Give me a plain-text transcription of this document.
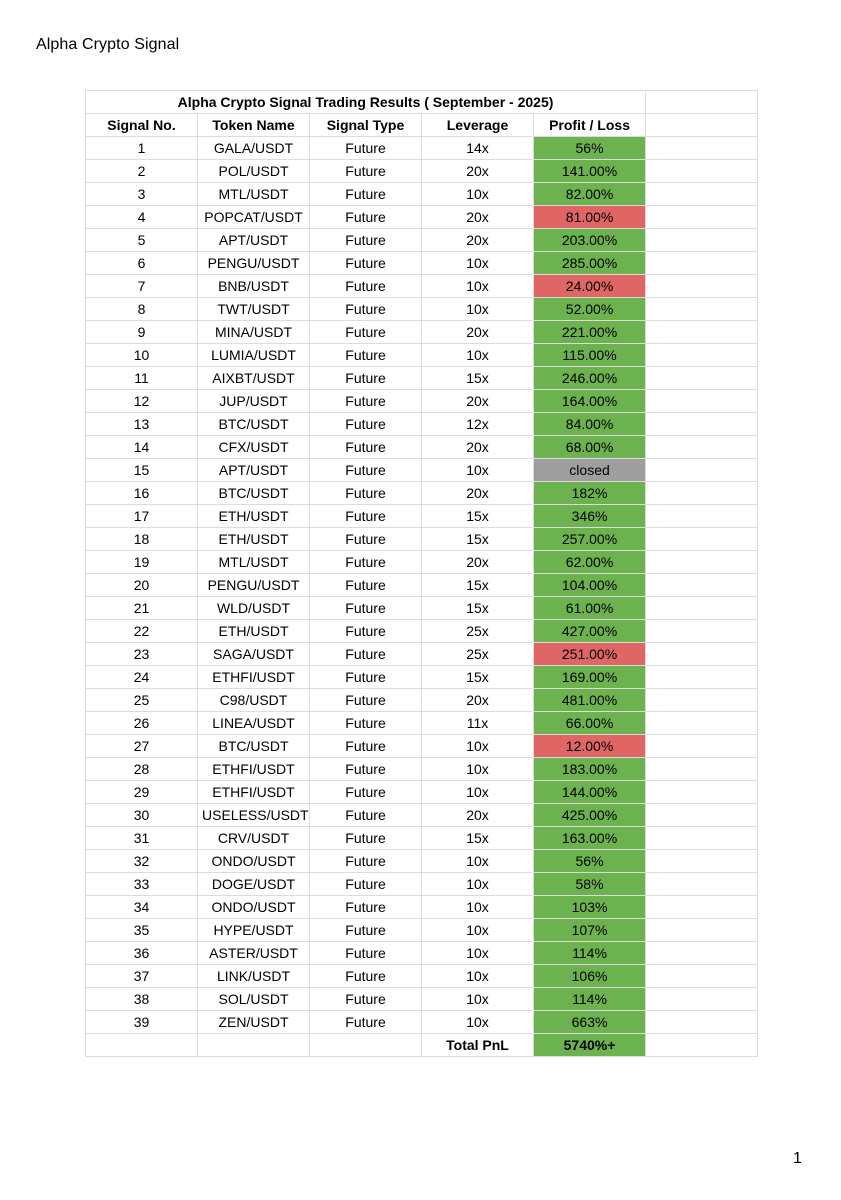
Alpha Crypto Signal
Alpha Crypto Signal Trading Results ( September - 2025)					
Signal No.	Token Name	Signal Type	Leverage	Profit / Loss	
1	GALA/USDT	Future	14x	56%	
2	POL/USDT	Future	20x	141.00%	
3	MTL/USDT	Future	10x	82.00%	
4	POPCAT/USDT	Future	20x	81.00%	
5	APT/USDT	Future	20x	203.00%	
6	PENGU/USDT	Future	10x	285.00%	
7	BNB/USDT	Future	10x	24.00%	
8	TWT/USDT	Future	10x	52.00%	
9	MINA/USDT	Future	20x	221.00%	
10	LUMIA/USDT	Future	10x	115.00%	
11	AIXBT/USDT	Future	15x	246.00%	
12	JUP/USDT	Future	20x	164.00%	
13	BTC/USDT	Future	12x	84.00%	
14	CFX/USDT	Future	20x	68.00%	
15	APT/USDT	Future	10x	closed	
16	BTC/USDT	Future	20x	182%	
17	ETH/USDT	Future	15x	346%	
18	ETH/USDT	Future	15x	257.00%	
19	MTL/USDT	Future	20x	62.00%	
20	PENGU/USDT	Future	15x	104.00%	
21	WLD/USDT	Future	15x	61.00%	
22	ETH/USDT	Future	25x	427.00%	
23	SAGA/USDT	Future	25x	251.00%	
24	ETHFI/USDT	Future	15x	169.00%	
25	C98/USDT	Future	20x	481.00%	
26	LINEA/USDT	Future	11x	66.00%	
27	BTC/USDT	Future	10x	12.00%	
28	ETHFI/USDT	Future	10x	183.00%	
29	ETHFI/USDT	Future	10x	144.00%	
30	USELESS/USDT	Future	20x	425.00%	
31	CRV/USDT	Future	15x	163.00%	
32	ONDO/USDT	Future	10x	56%	
33	DOGE/USDT	Future	10x	58%	
34	ONDO/USDT	Future	10x	103%	
35	HYPE/USDT	Future	10x	107%	
36	ASTER/USDT	Future	10x	114%	
37	LINK/USDT	Future	10x	106%	
38	SOL/USDT	Future	10x	114%	
39	ZEN/USDT	Future	10x	663%	
			Total PnL	5740%+	
1
